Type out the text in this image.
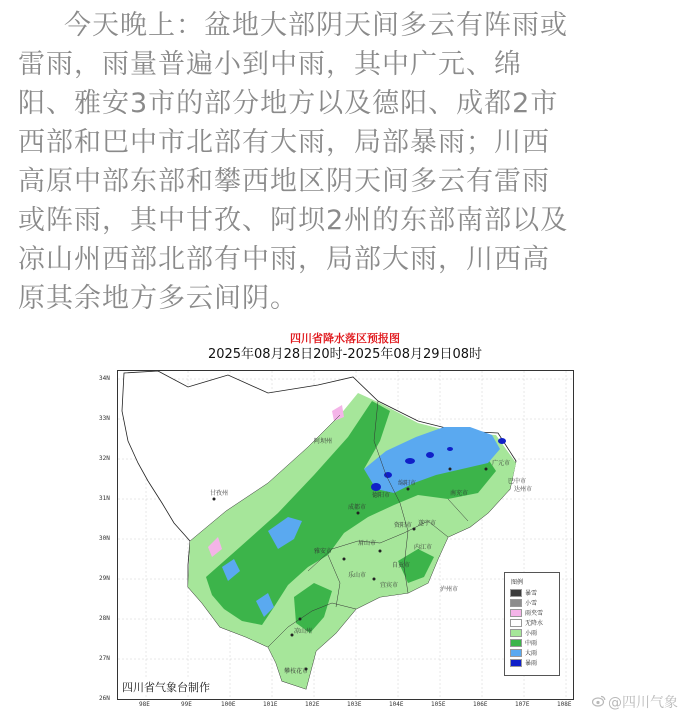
今天晚上：盆地大部阴天间多云有阵雨或
雷雨，雨量普遍小到中雨，其中广元、绵
阳、雅安3市的部分地方以及德阳、成都2市
西部和巴中市北部有大雨，局部暴雨；川西
高原中部东部和攀西地区阴天间多云有雷雨
或阵雨，其中甘孜、阿坝2州的东部南部以及
凉山州西部北部有中雨，局部大雨，川西高
原其余地方多云间阴。
四川省降水落区预报图
2025年08月28日20时-2025年08月29日08时
阿坝州
甘孜州
成都市
广元市
巴中市
达州市
南充市
遂宁市
绵阳市
德阳市
雅安市
乐山市
眉山市
资阳市
内江市
自贡市
宜宾市
泸州市
凉山州
攀枝花市
34N
33N
32N
31N
30N
29N
28N
27N
26N
98E	99E	100E	101E	102E	103E	104E	105E	106E	107E	108E
四川省气象台制作
图例
暴雪
小雪
雨夹雪
无降水
小雨
中雨
大雨
暴雨
@四川气象
